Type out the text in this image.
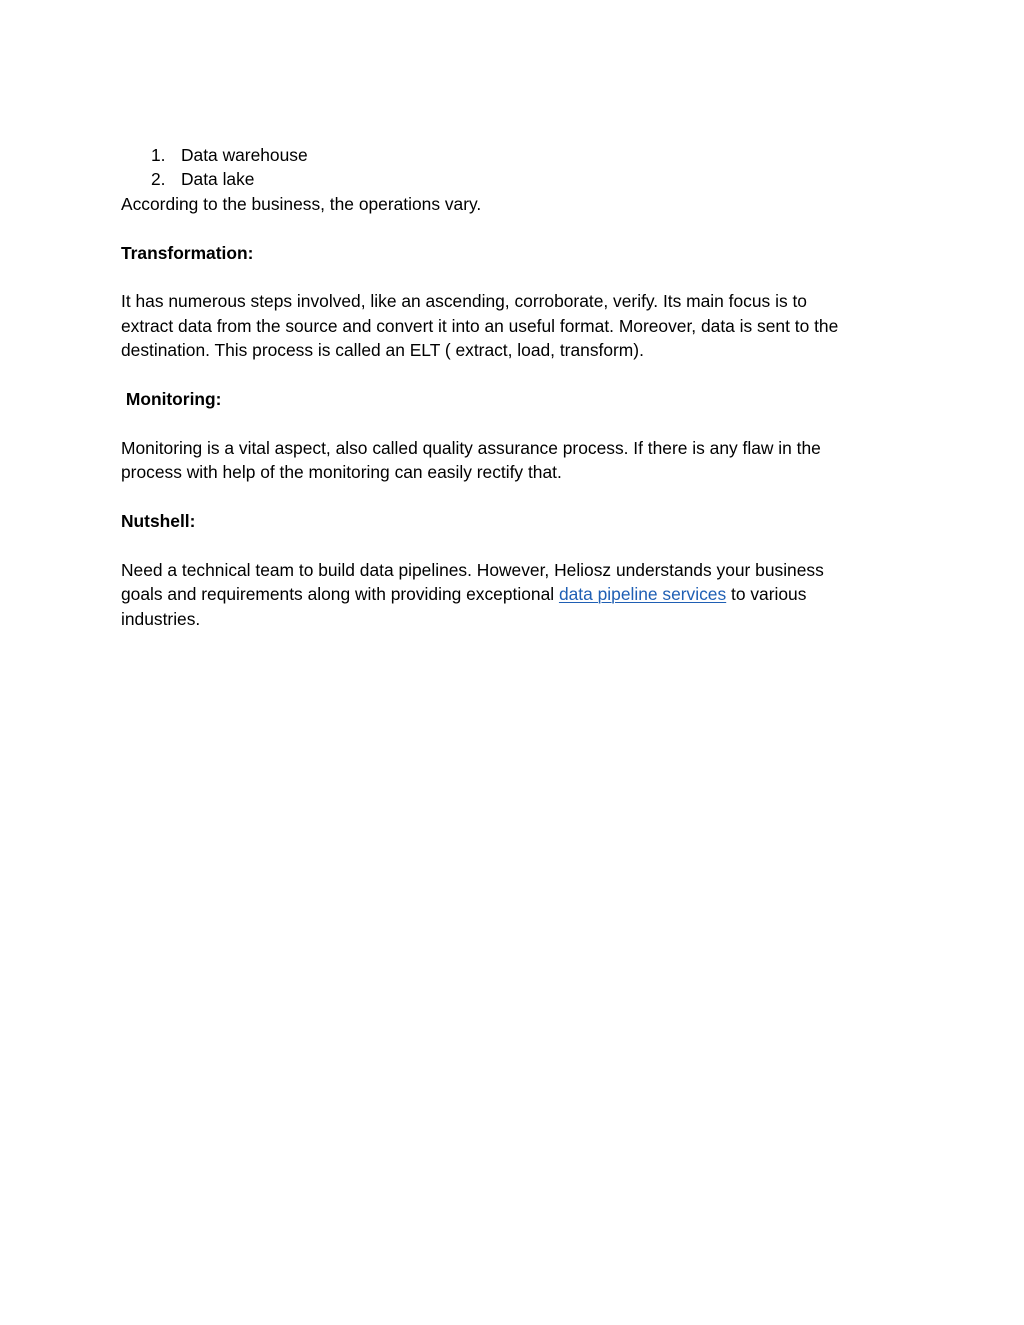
1. Data warehouse
2. Data lake

According to the business, the operations vary.

Transformation:

It has numerous steps involved, like an ascending, corroborate, verify. Its main focus is to

extract data from the source and convert it into an useful format. Moreover, data is sent to the

destination. This process is called an ELT ( extract, load, transform).

Monitoring:

Monitoring is a vital aspect, also called quality assurance process. If there is any flaw in the

process with help of the monitoring can easily rectify that.

Nutshell:

Need a technical team to build data pipelines. However, Heliosz understands your business

goals and requirements along with providing exceptional data pipeline services to various

industries.
